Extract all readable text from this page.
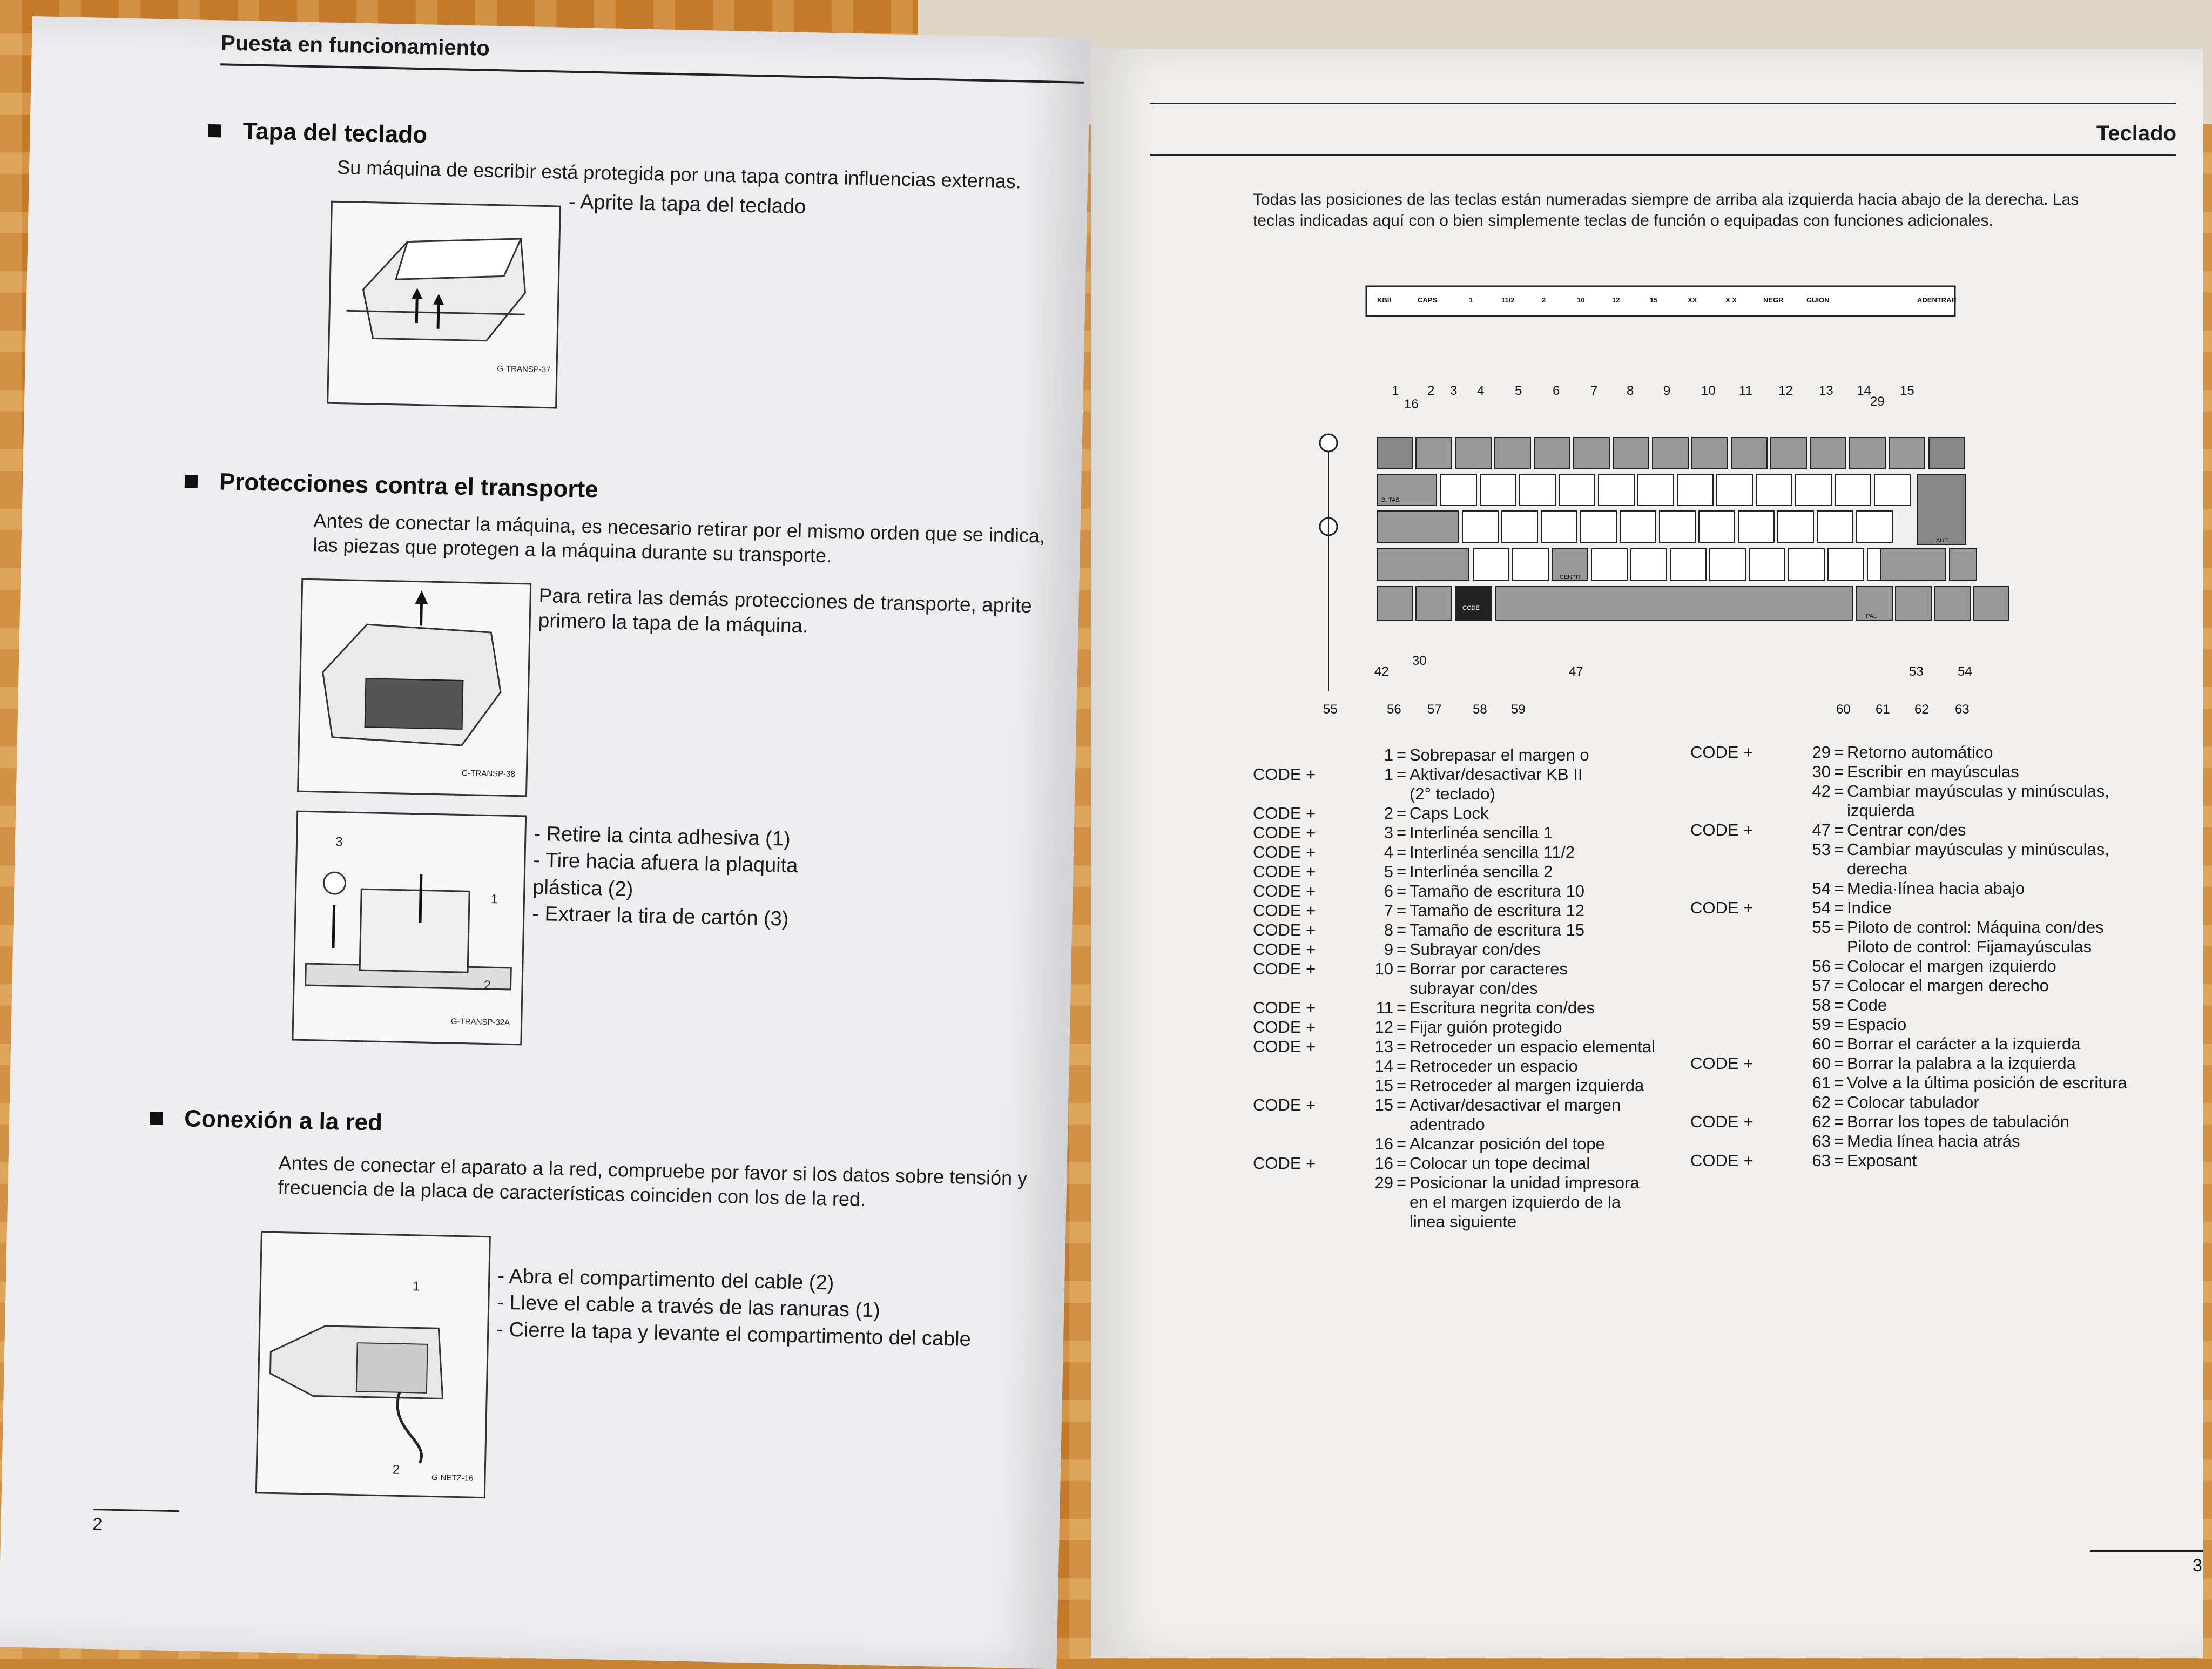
Puesta en funcionamiento
Tapa del teclado
Su máquina de escribir está protegida por una tapa contra influencias externas.
G-TRANSP-37
- Aprite la tapa del teclado
Protecciones contra el transporte
Antes de conectar la máquina, es necesario retirar por el mismo orden que se indica, las piezas que protegen a la máquina durante su transporte.
G-TRANSP-38
Para retira las demás protecciones de transporte, aprite primero la tapa de la máquina.
3
1
2
G-TRANSP-32A
- Retire la cinta adhesiva (1)
- Tire hacia afuera la plaquita plástica (2)
- Extraer la tira de cartón (3)
Conexión a la red
Antes de conectar el aparato a la red, compruebe por favor si los datos sobre tensión y frecuencia de la placa de características coinciden con los de la red.
1
2
G-NETZ-16
- Abra el compartimento del cable (2)
- Lleve el cable a través de las ranuras (1)
- Cierre la tapa y levante el compartimento del cable
2
Teclado
Todas las posiciones de las teclas están numeradas siempre de arriba ala izquierda hacia abajo de la derecha. Las teclas indicadas aquí con o bien simplemente teclas de función o equipadas con funciones adicionales.
KBII	CAPS	1	11/2	2	10	12	15	XX	X X	NEGR	GUION	ADENTRAR
1
16
2 3 4 5 6 7 8 9 10 11 12 13 14
29
15
B. TAB
AUT
CENTR
CODE
PAL
42
30
47	53	54
55	56 57 58 59	60 61 62 63
1 = Sobrepasar el margen o
CODE +	1 = Aktivar/desactivar KB II
(2° teclado)
CODE +	2 = Caps Lock
CODE +	3 = Interlinéa sencilla 1
CODE +	4 = Interlinéa sencilla 11/2
CODE +	5 = Interlinéa sencilla 2
CODE +	6 = Tamaño de escritura 10
CODE +	7 = Tamaño de escritura 12
CODE +	8 = Tamaño de escritura 15
CODE +	9 = Subrayar con/des
CODE +	10 = Borrar por caracteres
subrayar con/des
CODE +	11 = Escritura negrita con/des
CODE +	12 = Fijar guión protegido
CODE +	13 = Retroceder un espacio elemental
14 = Retroceder un espacio
15 = Retroceder al margen izquierda
CODE +	15 = Activar/desactivar el margen
adentrado
16 = Alcanzar posición del tope
CODE +	16 = Colocar un tope decimal
29 = Posicionar la unidad impresora
en el margen izquierdo de la
linea siguiente
CODE +	29 = Retorno automático
30 = Escribir en mayúsculas
42 = Cambiar mayúsculas y minúsculas,
izquierda
CODE +	47 = Centrar con/des
53 = Cambiar mayúsculas y minúsculas,
derecha
54 = Media·línea hacia abajo
CODE +	54 = Indice
55 = Piloto de control: Máquina con/des
Piloto de control: Fijamayúsculas
56 = Colocar el margen izquierdo
57 = Colocar el margen derecho
58 = Code
59 = Espacio
60 = Borrar el carácter a la izquierda
CODE +	60 = Borrar la palabra a la izquierda
61 = Volve a la última posición de escritura
62 = Colocar tabulador
CODE +	62 = Borrar los topes de tabulación
63 = Media línea hacia atrás
CODE +	63 = Exposant
3
